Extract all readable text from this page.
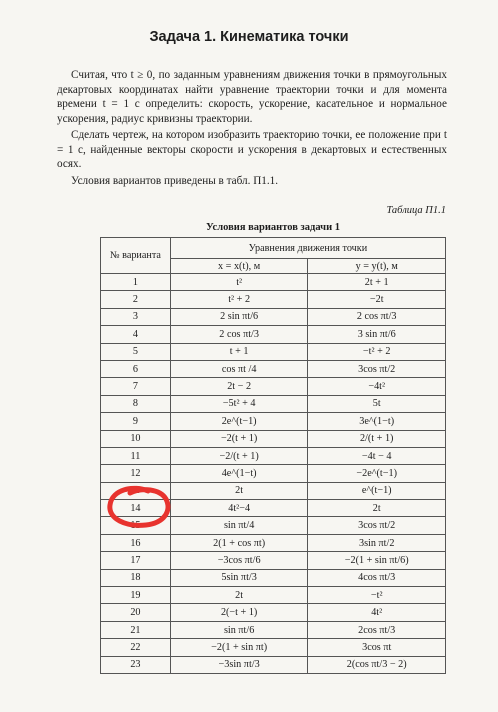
Задача 1. Кинематика точки
Считая, что t ≥ 0, по заданным уравнениям движения точки в прямоугольных декартовых координатах найти уравнение траектории точки и для момента времени t = 1 с определить: скорость, ускорение, касательное и нормальное ускорения, радиус кривизны траектории.
Сделать чертеж, на котором изобразить траекторию точки, ее положение при t = 1 с, найденные векторы скорости и ускорения в декартовых и естественных осях.
Условия вариантов приведены в табл. П1.1.
Таблица П1.1
Условия вариантов задачи 1
№ варианта	Уравнения движения точки	
	x = x(t), м	y = y(t), м
1	t²	2t + 1
2	t² + 2	−2t
3	2 sin πt/6	2 cos πt/3
4	2 cos πt/3	3 sin πt/6
5	t + 1	−t² + 2
6	cos πt /4	3cos πt/2
7	2t − 2	−4t²
8	−5t² + 4	5t
9	2e^(t−1)	3e^(1−t)
10	−2(t + 1)	2/(t + 1)
11	−2/(t + 1)	−4t − 4
12	4e^(1−t)	−2e^(t−1)
13	2t	e^(t−1)
14	4t²−4	2t
15	sin πt/4	3cos πt/2
16	2(1 + cos πt)	3sin πt/2
17	−3cos πt/6	−2(1 + sin πt/6)
18	5sin πt/3	4cos πt/3
19	2t	−t²
20	2(−t + 1)	4t²
21	sin πt/6	2cos πt/3
22	−2(1 + sin πt)	3cos πt
23	−3sin πt/3	2(cos πt/3 − 2)
